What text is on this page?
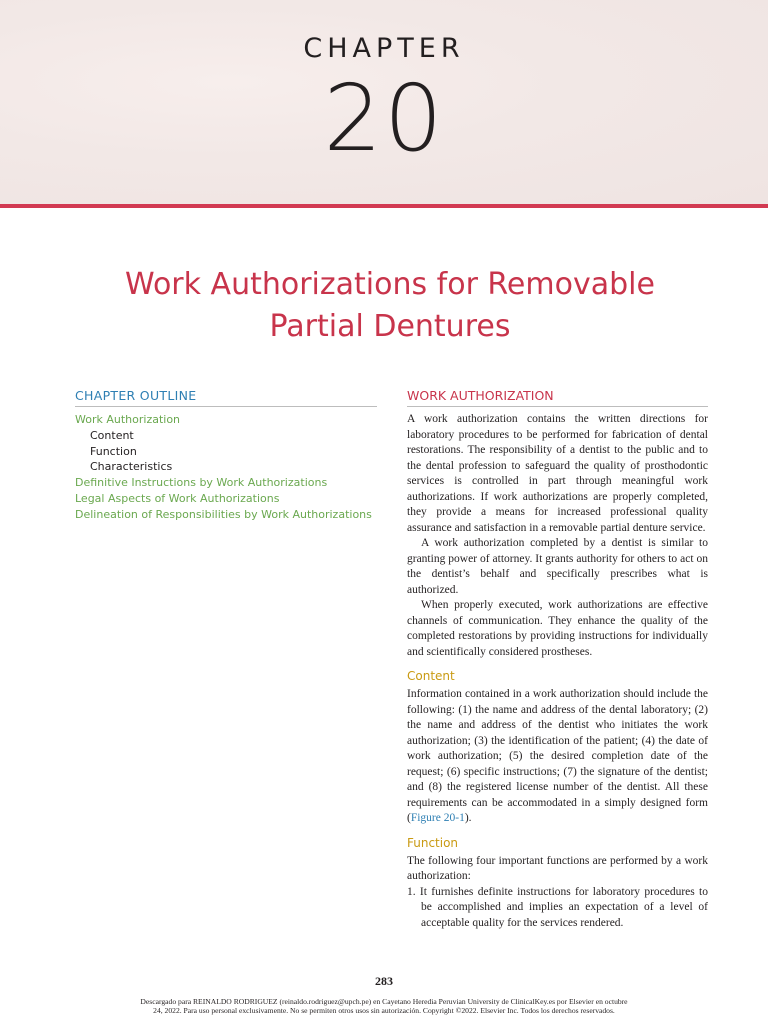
CHAPTER
20
Work Authorizations for Removable
Partial Dentures
CHAPTER OUTLINE
Work Authorization
Content
Function
Characteristics
Definitive Instructions by Work Authorizations
Legal Aspects of Work Authorizations
Delineation of Responsibilities by Work Authorizations
WORK AUTHORIZATION

A work authorization contains the written directions for laboratory procedures to be performed for fabrication of dental restorations. The responsibility of a dentist to the public and to the dental profession to safeguard the quality of prosthodontic services is controlled in part through meaningful work authorizations. If work authorizations are properly completed, they provide a means for increased professional quality assurance and satisfaction in a removable partial denture service.

A work authorization completed by a dentist is similar to granting power of attorney. It grants authority for others to act on the dentist’s behalf and specifically prescribes what is authorized.

When properly executed, work authorizations are effective channels of communication. They enhance the quality of the completed restorations by providing instructions for individually and scientifically considered prostheses.

Content

Information contained in a work authorization should include the following: (1) the name and address of the dental laboratory; (2) the name and address of the dentist who initiates the work authorization; (3) the identification of the patient; (4) the date of work authorization; (5) the desired completion date of the request; (6) specific instructions; (7) the signature of the dentist; and (8) the registered license number of the dentist. All these requirements can be accommodated in a simply designed form (Figure 20-1).

Function

The following four important functions are performed by a work authorization:

1. It furnishes definite instructions for laboratory procedures to be accomplished and implies an expectation of a level of acceptable quality for the services rendered.

283
Descargado para REINALDO RODRIGUEZ (reinaldo.rodriguez@upch.pe) en Cayetano Heredia Peruvian University de ClinicalKey.es por Elsevier en octubre
24, 2022. Para uso personal exclusivamente. No se permiten otros usos sin autorización. Copyright ©2022. Elsevier Inc. Todos los derechos reservados.
